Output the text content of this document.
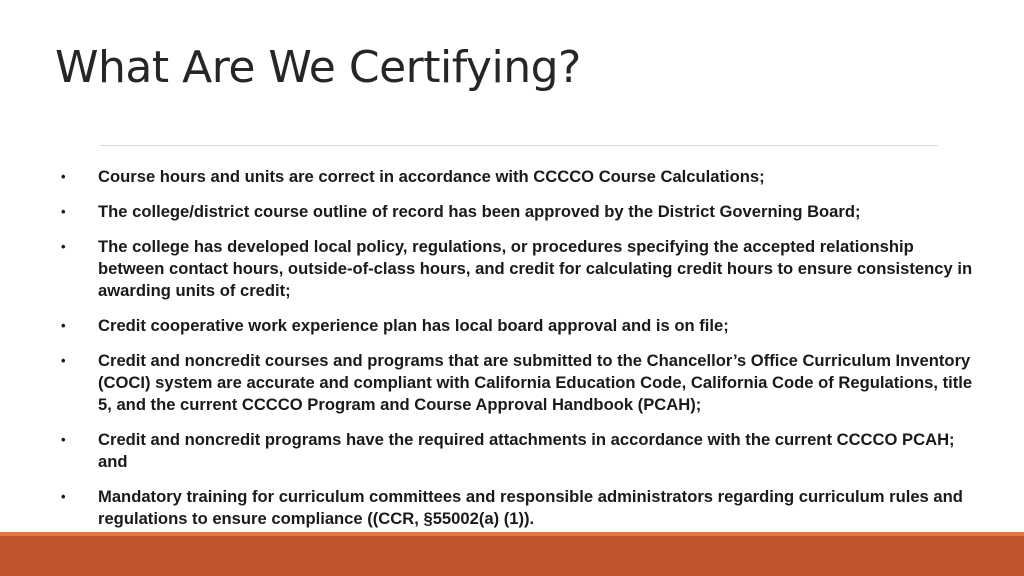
What Are We Certifying?
• Course hours and units are correct in accordance with CCCCO Course Calculations;
• The college/district course outline of record has been approved by the District Governing Board;
• The college has developed local policy, regulations, or procedures specifying the accepted relationship between contact hours, outside-of-class hours, and credit for calculating credit hours to ensure consistency in awarding units of credit;
• Credit cooperative work experience plan has local board approval and is on file;
• Credit and noncredit courses and programs that are submitted to the Chancellor’s Office Curriculum Inventory (COCI) system are accurate and compliant with California Education Code, California Code of Regulations, title 5, and the current CCCCO Program and Course Approval Handbook (PCAH);
• Credit and noncredit programs have the required attachments in accordance with the current CCCCO PCAH; and
• Mandatory training for curriculum committees and responsible administrators regarding curriculum rules and regulations to ensure compliance ((CCR, §55002(a) (1)).
